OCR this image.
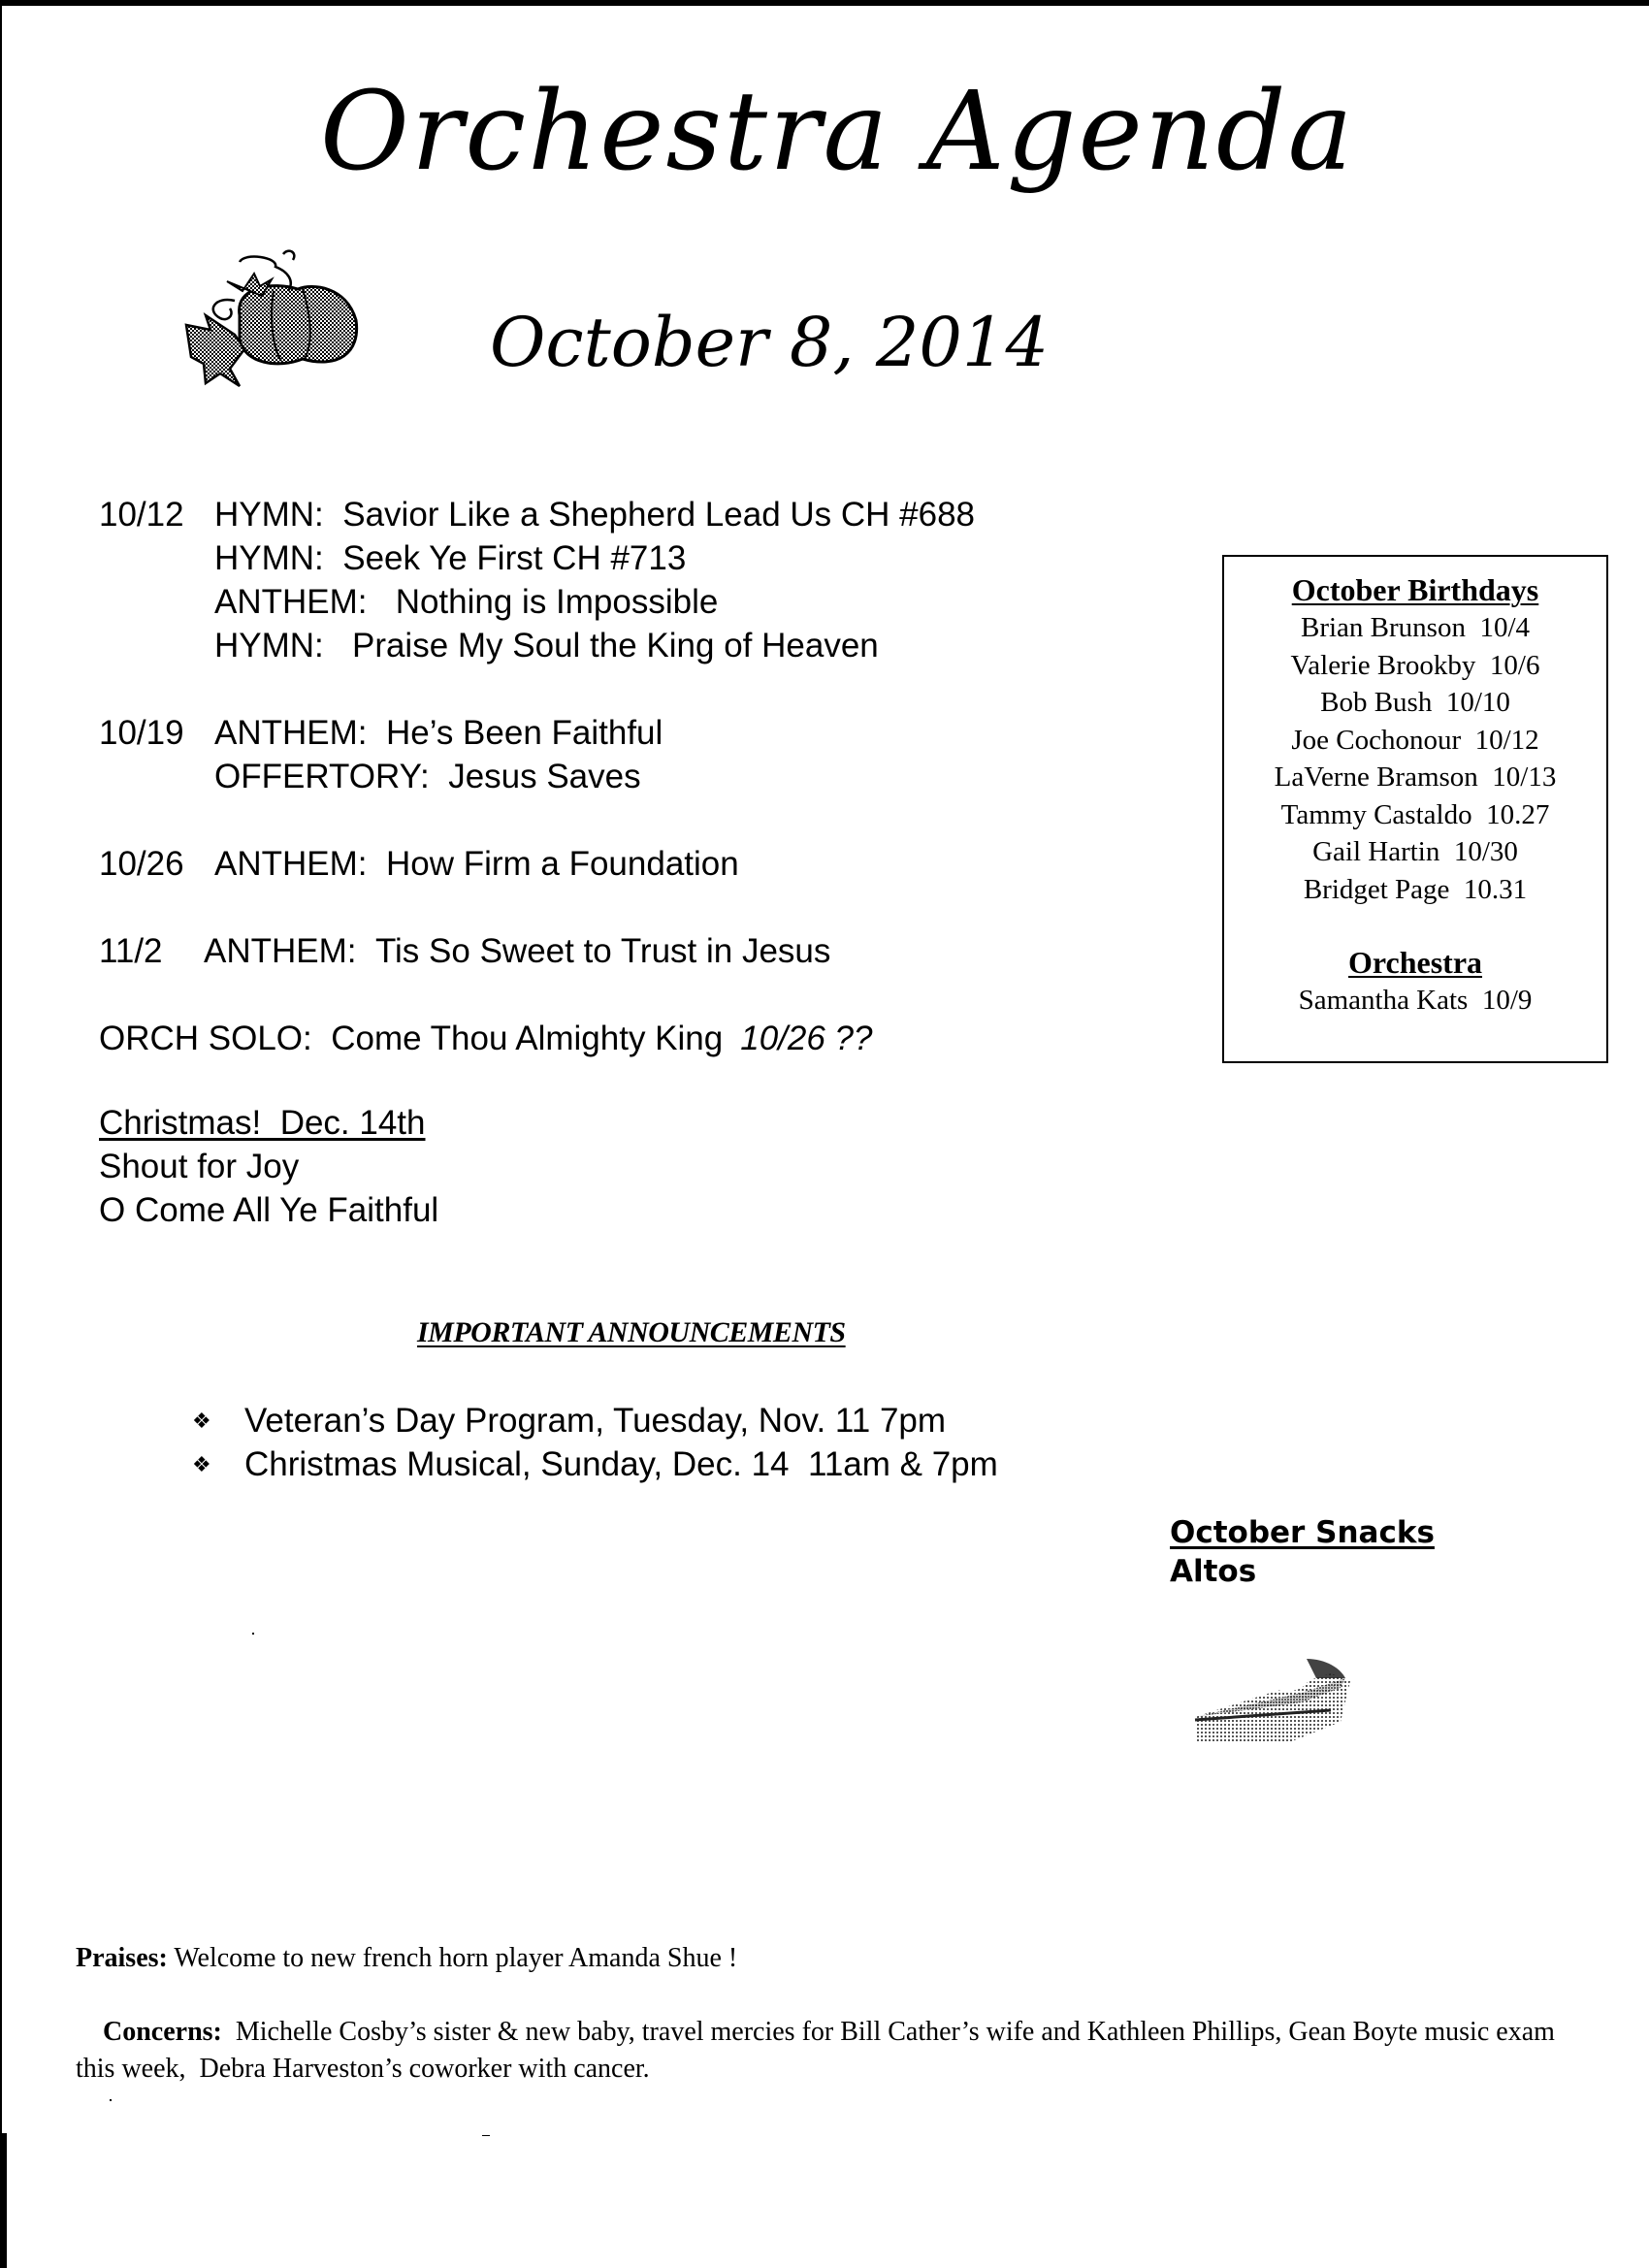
Orchestra Agenda
October 8, 2014
10/12 HYMN: Savior Like a Shepherd Lead Us CH #688
HYMN: Seek Ye First CH #713
ANTHEM: Nothing is Impossible
HYMN: Praise My Soul the King of Heaven
10/19 ANTHEM: He’s Been Faithful
OFFERTORY: Jesus Saves
10/26 ANTHEM: How Firm a Foundation
11/2	ANTHEM: Tis So Sweet to Trust in Jesus
ORCH SOLO: Come Thou Almighty King 10/26 ??
Christmas!  Dec. 14th
Shout for Joy
O Come All Ye Faithful
October Birthdays
Brian Brunson  10/4
Valerie Brookby  10/6
Bob Bush  10/10
Joe Cochonour  10/12
LaVerne Bramson  10/13
Tammy Castaldo  10.27
Gail Hartin  10/30
Bridget Page  10.31
Orchestra
Samantha Kats  10/9
IMPORTANT ANNOUNCEMENTS
❖ Veteran’s Day Program, Tuesday, Nov. 11 7pm
❖ Christmas Musical, Sunday, Dec. 14  11am & 7pm
October Snacks
Altos
Praises: Welcome to new french horn player Amanda Shue !

Concerns:  Michelle Cosby’s sister & new baby, travel mercies for Bill Cather’s wife and Kathleen Phillips, Gean Boyte music exam this week,  Debra Harveston’s coworker with cancer.
